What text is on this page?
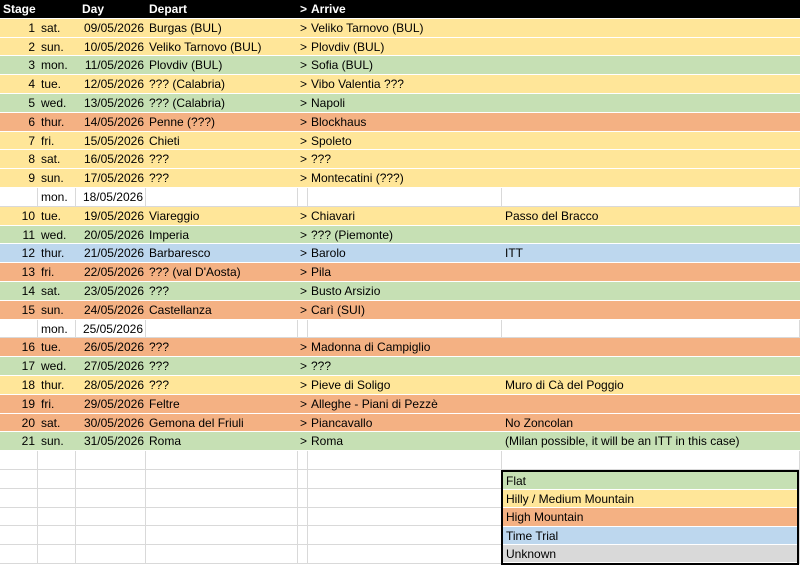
Stage	Day	Depart	> Arrive
1 sat.	09/05/2026 Burgas (BUL)	> Veliko Tarnovo (BUL)
2 sun.	10/05/2026 Veliko Tarnovo (BUL)	> Plovdiv (BUL)
3 mon.	11/05/2026 Plovdiv (BUL)	> Sofia (BUL)
4 tue.	12/05/2026 ??? (Calabria)	> Vibo Valentia ???
5 wed.	13/05/2026 ??? (Calabria)	> Napoli
6 thur.	14/05/2026 Penne (???)	> Blockhaus
7 fri.	15/05/2026 Chieti	> Spoleto
8 sat.	16/05/2026 ???	> ???
9 sun.	17/05/2026 ???	> Montecatini (???)
mon.	18/05/2026
10 tue.	19/05/2026 Viareggio	> Chiavari	Passo del Bracco
11 wed.	20/05/2026 Imperia	> ??? (Piemonte)
12 thur.	21/05/2026 Barbaresco	> Barolo	ITT
13 fri.	22/05/2026 ??? (val D'Aosta)	> Pila
14 sat.	23/05/2026 ???	> Busto Arsizio
15 sun.	24/05/2026 Castellanza	> Carì (SUI)
mon.	25/05/2026
16 tue.	26/05/2026 ???	> Madonna di Campiglio
17 wed.	27/05/2026 ???	> ???
18 thur.	28/05/2026 ???	> Pieve di Soligo	Muro di Cà del Poggio
19 fri.	29/05/2026 Feltre	> Alleghe - Piani di Pezzè
20 sat.	30/05/2026 Gemona del Friuli	> Piancavallo	No Zoncolan
21 sun.	31/05/2026 Roma	> Roma	(Milan possible, it will be an ITT in this case)
Flat
Hilly / Medium Mountain
High Mountain
Time Trial
Unknown
